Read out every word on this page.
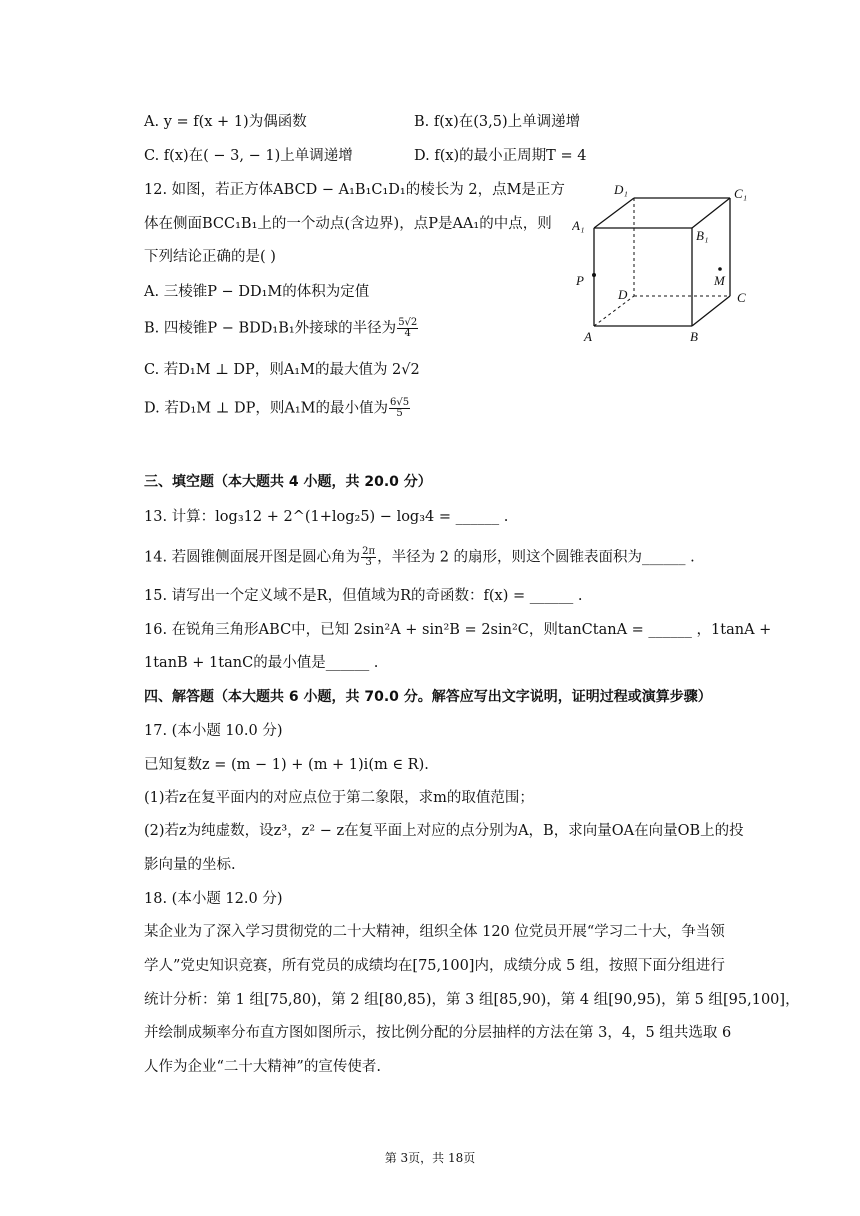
A. y = f(x + 1)为偶函数	B. f(x)在(3,5)上单调递增
C. f(x)在( − 3, − 1)上单调递增	D. f(x)的最小正周期T = 4
12. 如图，若正方体ABCD − A₁B₁C₁D₁的棱长为 2，点M是正方
体在侧面BCC₁B₁上的一个动点(含边界)，点P是AA₁的中点，则
下列结论正确的是( )
A. 三棱锥P − DD₁M的体积为定值
B. 四棱锥P − BDD₁B₁外接球的半径为 $\frac{5√2}{4}$
C. 若D₁M ⊥ DP，则A₁M的最大值为 2√2
D. 若D₁M ⊥ DP，则A₁M的最小值为 $\frac{6√5}{5}$
D₁	C₁
A₁
B₁
P	M
D	C
A	B
三、填空题（本大题共 4 小题，共 20.0 分）
13. 计算：log₃12 + 2^(1+log₂5) − log₃4 = ______ .
14. 若圆锥侧面展开图是圆心角为 $\frac{2\pi}{3}$ ，半径为 2 的扇形，则这个圆锥表面积为______ .
15. 请写出一个定义域不是R，但值域为R的奇函数：f(x) = ______ .
16. 在锐角三角形ABC中，已知 2sin²A + sin²B = 2sin²C，则tanCtanA = ______ ，1tanA +
1tanB + 1tanC的最小值是______ .
四、解答题（本大题共 6 小题，共 70.0 分。解答应写出文字说明，证明过程或演算步骤）
17. (本小题 10.0 分)
已知复数z = (m − 1) + (m + 1)i(m ∈ R).
(1)若z在复平面内的对应点位于第二象限，求m的取值范围；
(2)若z为纯虚数，设z³，z² − z在复平面上对应的点分别为A，B，求向量OA在向量OB上的投
影向量的坐标.
18. (本小题 12.0 分)
某企业为了深入学习贯彻党的二十大精神，组织全体 120 位党员开展“学习二十大，争当领
学人”党史知识竞赛，所有党员的成绩均在[75,100]内，成绩分成 5 组，按照下面分组进行
统计分析：第 1 组[75,80)，第 2 组[80,85)，第 3 组[85,90)，第 4 组[90,95)，第 5 组[95,100]，
并绘制成频率分布直方图如图所示，按比例分配的分层抽样的方法在第 3，4，5 组共选取 6
人作为企业“二十大精神”的宣传使者.
第 3页，共 18页
